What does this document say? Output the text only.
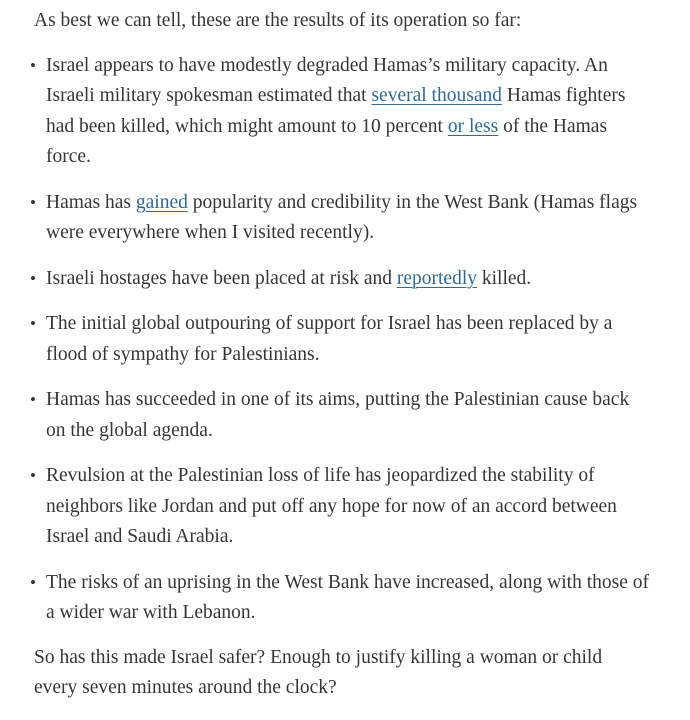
As best we can tell, these are the results of its operation so far:

• Israel appears to have modestly degraded Hamas’s military capacity. An Israeli military spokesman estimated that several thousand Hamas fighters had been killed, which might amount to 10 percent or less of the Hamas force.
• Hamas has gained popularity and credibility in the West Bank (Hamas flags were everywhere when I visited recently).
• Israeli hostages have been placed at risk and reportedly killed.
• The initial global outpouring of support for Israel has been replaced by a flood of sympathy for Palestinians.
• Hamas has succeeded in one of its aims, putting the Palestinian cause back on the global agenda.
• Revulsion at the Palestinian loss of life has jeopardized the stability of neighbors like Jordan and put off any hope for now of an accord between Israel and Saudi Arabia.
• The risks of an uprising in the West Bank have increased, along with those of a wider war with Lebanon.

So has this made Israel safer? Enough to justify killing a woman or child every seven minutes around the clock?
